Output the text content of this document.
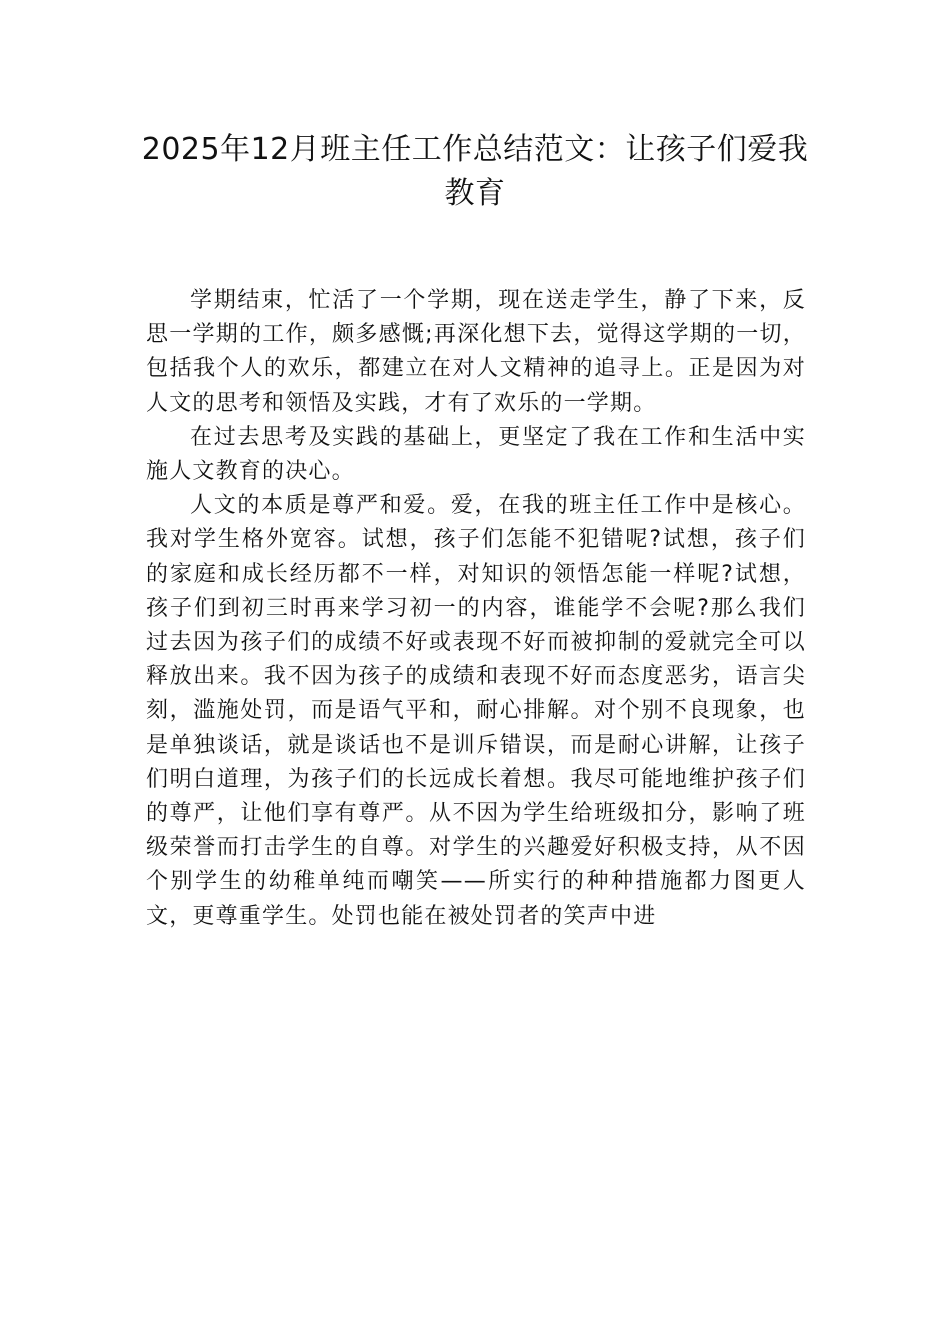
2025年12月班主任工作总结范文：让孩子们爱我
教育

学期结束，忙活了一个学期，现在送走学生，静了下来，反思一学期的工作，颇多感慨;再深化想下去，觉得这学期的一切，包括我个人的欢乐，都建立在对人文精神的追寻上。正是因为对人文的思考和领悟及实践，才有了欢乐的一学期。

在过去思考及实践的基础上，更坚定了我在工作和生活中实施人文教育的决心。

人文的本质是尊严和爱。爱，在我的班主任工作中是核心。我对学生格外宽容。试想，孩子们怎能不犯错呢?试想，孩子们的家庭和成长经历都不一样，对知识的领悟怎能一样呢?试想，孩子们到初三时再来学习初一的内容，谁能学不会呢?那么我们过去因为孩子们的成绩不好或表现不好而被抑制的爱就完全可以释放出来。我不因为孩子的成绩和表现不好而态度恶劣，语言尖刻，滥施处罚，而是语气平和，耐心排解。对个别不良现象，也是单独谈话，就是谈话也不是训斥错误，而是耐心讲解，让孩子们明白道理，为孩子们的长远成长着想。我尽可能地维护孩子们的尊严，让他们享有尊严。从不因为学生给班级扣分，影响了班级荣誉而打击学生的自尊。对学生的兴趣爱好积极支持，从不因个别学生的幼稚单纯而嘲笑——所实行的种种措施都力图更人文，更尊重学生。处罚也能在被处罚者的笑声中进
